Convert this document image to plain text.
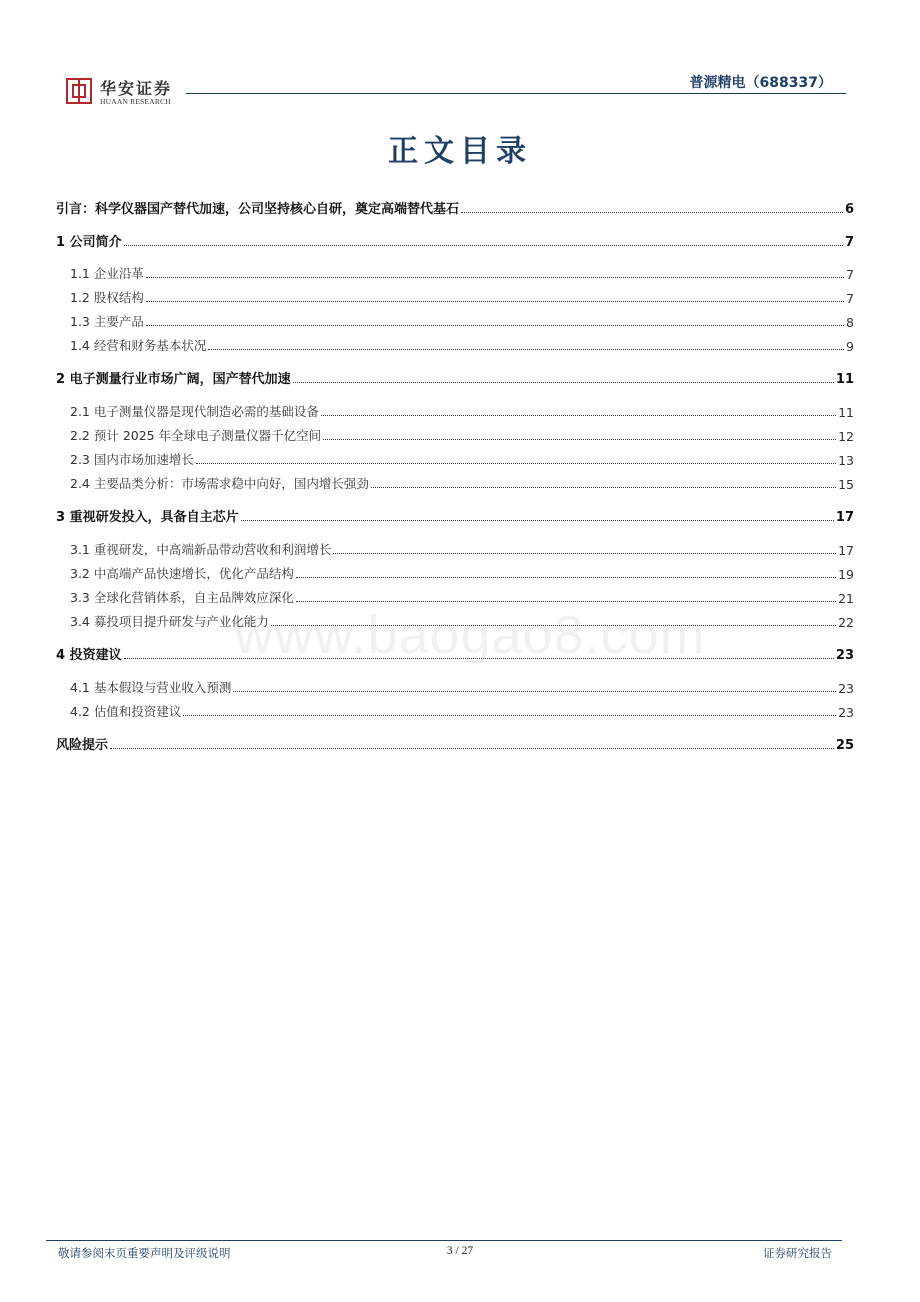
华安证券
HUAAN RESEARCH
普源精电（688337）
正文目录
www.baogao8.com
引言：科学仪器国产替代加速，公司坚持核心自研，奠定高端替代基石	6
1 公司简介	7
1.1 企业沿革	7
1.2 股权结构	7
1.3 主要产品	8
1.4 经营和财务基本状况	9
2 电子测量行业市场广阔，国产替代加速	11
2.1 电子测量仪器是现代制造必需的基础设备	11
2.2 预计 2025 年全球电子测量仪器千亿空间	12
2.3 国内市场加速增长	13
2.4 主要品类分析：市场需求稳中向好，国内增长强劲	15
3 重视研发投入，具备自主芯片	17
3.1 重视研发，中高端新品带动营收和利润增长	17
3.2 中高端产品快速增长，优化产品结构	19
3.3 全球化营销体系，自主品牌效应深化	21
3.4 募投项目提升研发与产业化能力	22
4 投资建议	23
4.1 基本假设与营业收入预测	23
4.2 估值和投资建议	23
风险提示	25
敬请参阅末页重要声明及评级说明	3 / 27	证券研究报告
